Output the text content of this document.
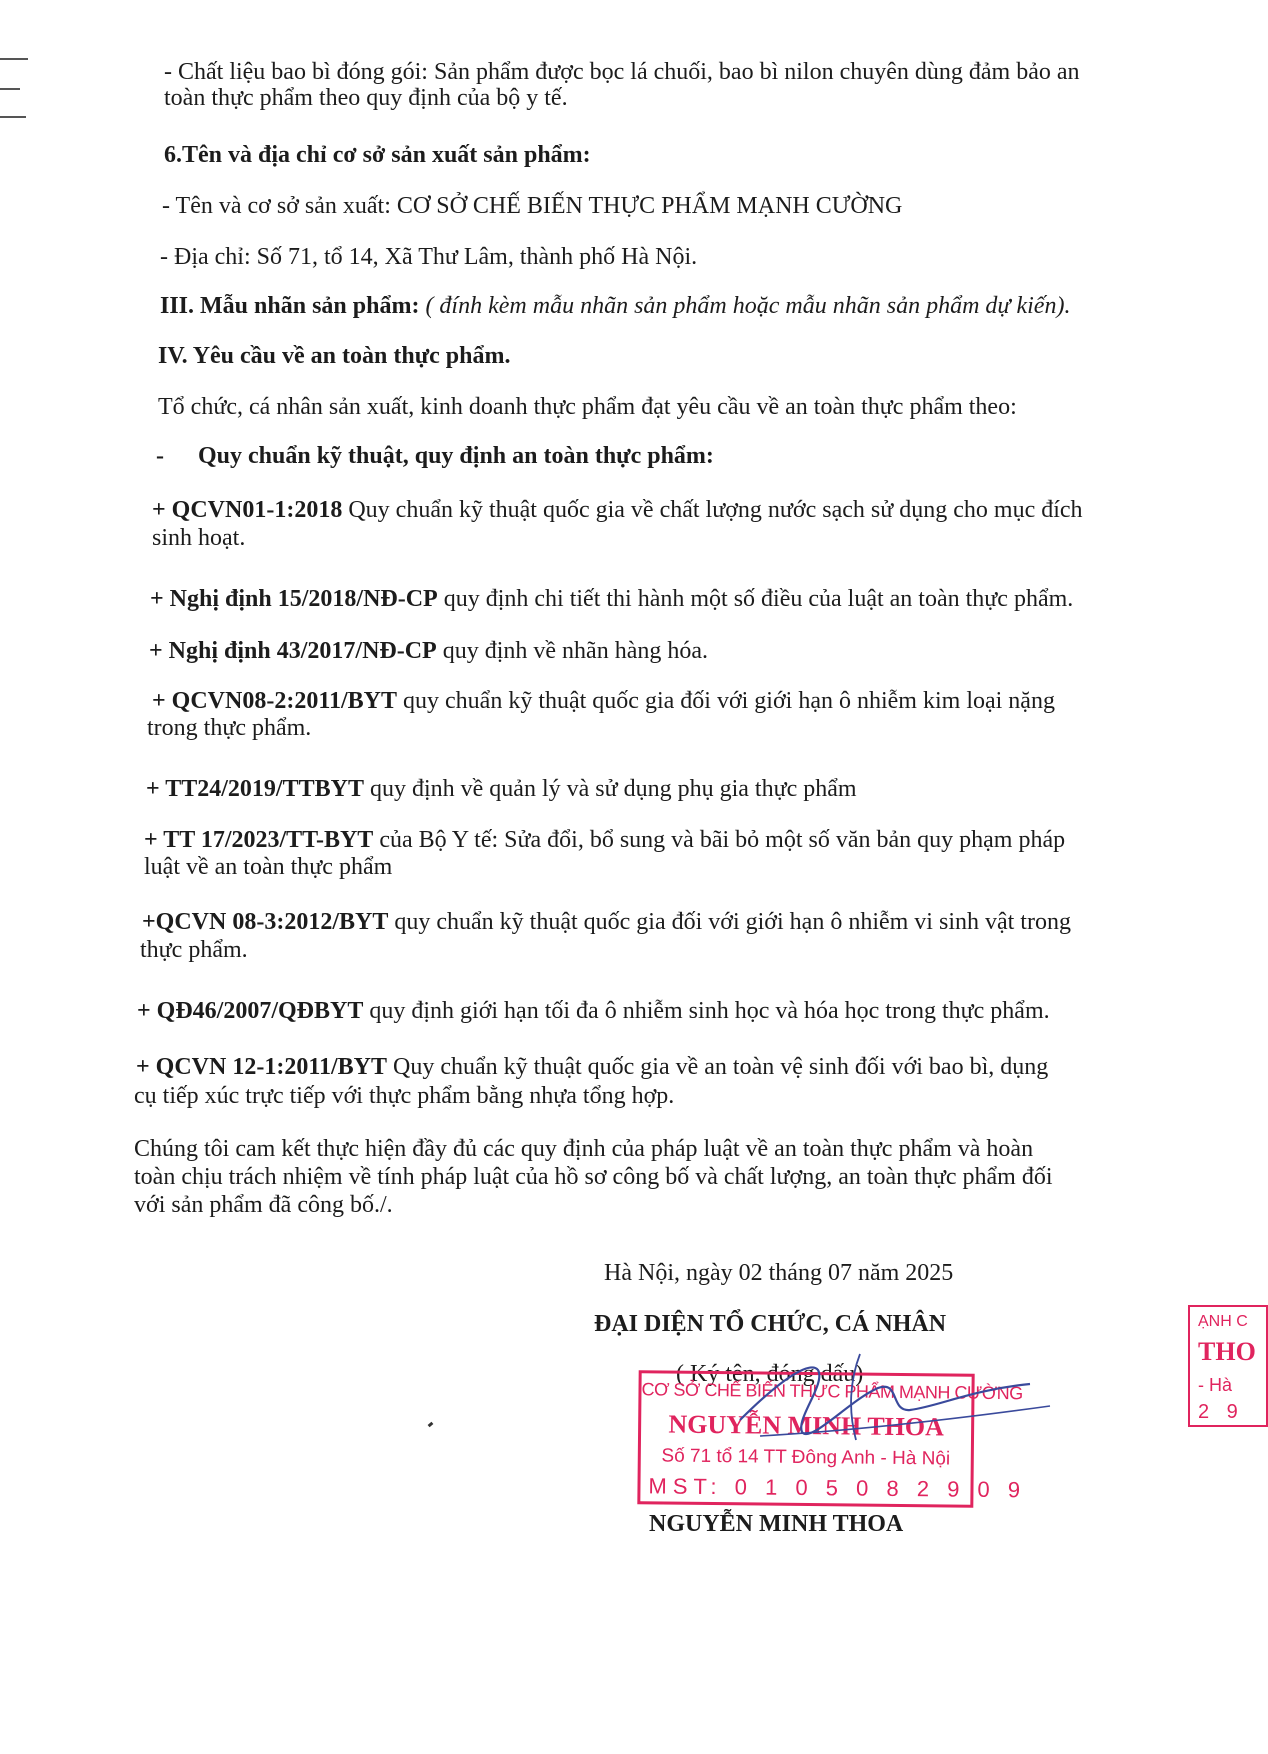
- Chất liệu bao bì đóng gói: Sản phẩm được bọc lá chuối, bao bì nilon chuyên dùng đảm bảo an
toàn thực phẩm theo quy định của bộ y tế.
6.Tên và địa chỉ cơ sở sản xuất sản phẩm:
- Tên và cơ sở sản xuất: CƠ SỞ CHẾ BIẾN THỰC PHẨM MẠNH CƯỜNG
- Địa chỉ: Số 71, tổ 14, Xã Thư Lâm, thành phố Hà Nội.
III. Mẫu nhãn sản phẩm: ( đính kèm mẫu nhãn sản phẩm hoặc mẫu nhãn sản phẩm dự kiến).
IV. Yêu cầu về an toàn thực phẩm.
Tổ chức, cá nhân sản xuất, kinh doanh thực phẩm đạt yêu cầu về an toàn thực phẩm theo:
- Quy chuẩn kỹ thuật, quy định an toàn thực phẩm:
+ QCVN01-1:2018 Quy chuẩn kỹ thuật quốc gia về chất lượng nước sạch sử dụng cho mục đích
sinh hoạt.
+ Nghị định 15/2018/NĐ-CP quy định chi tiết thi hành một số điều của luật an toàn thực phẩm.
+ Nghị định 43/2017/NĐ-CP quy định về nhãn hàng hóa.
+ QCVN08-2:2011/BYT quy chuẩn kỹ thuật quốc gia đối với giới hạn ô nhiễm kim loại nặng
trong thực phẩm.
+ TT24/2019/TTBYT quy định về quản lý và sử dụng phụ gia thực phẩm
+ TT 17/2023/TT-BYT của Bộ Y tế: Sửa đổi, bổ sung và bãi bỏ một số văn bản quy phạm pháp
luật về an toàn thực phẩm
+QCVN 08-3:2012/BYT quy chuẩn kỹ thuật quốc gia đối với giới hạn ô nhiễm vi sinh vật trong
thực phẩm.
+ QĐ46/2007/QĐBYT quy định giới hạn tối đa ô nhiễm sinh học và hóa học trong thực phẩm.
+ QCVN 12-1:2011/BYT Quy chuẩn kỹ thuật quốc gia về an toàn vệ sinh đối với bao bì, dụng
cụ tiếp xúc trực tiếp với thực phẩm bằng nhựa tổng hợp.
Chúng tôi cam kết thực hiện đầy đủ các quy định của pháp luật về an toàn thực phẩm và hoàn
toàn chịu trách nhiệm về tính pháp luật của hồ sơ công bố và chất lượng, an toàn thực phẩm đối
với sản phẩm đã công bố./.
Hà Nội, ngày 02 tháng 07 năm 2025
ĐẠI DIỆN TỔ CHỨC, CÁ NHÂN
( Ký tên, đóng dấu)
CƠ SỞ CHẾ BIẾN THỰC PHẨM MẠNH CƯỜNG
NGUYỄN MINH THOA
Số 71 tổ 14 TT Đông Anh - Hà Nội
MST: 0 1 0 5 0 8 2 9 0 9
NGUYỄN MINH THOA
ẠNH C
THO
- Hà
2 9
